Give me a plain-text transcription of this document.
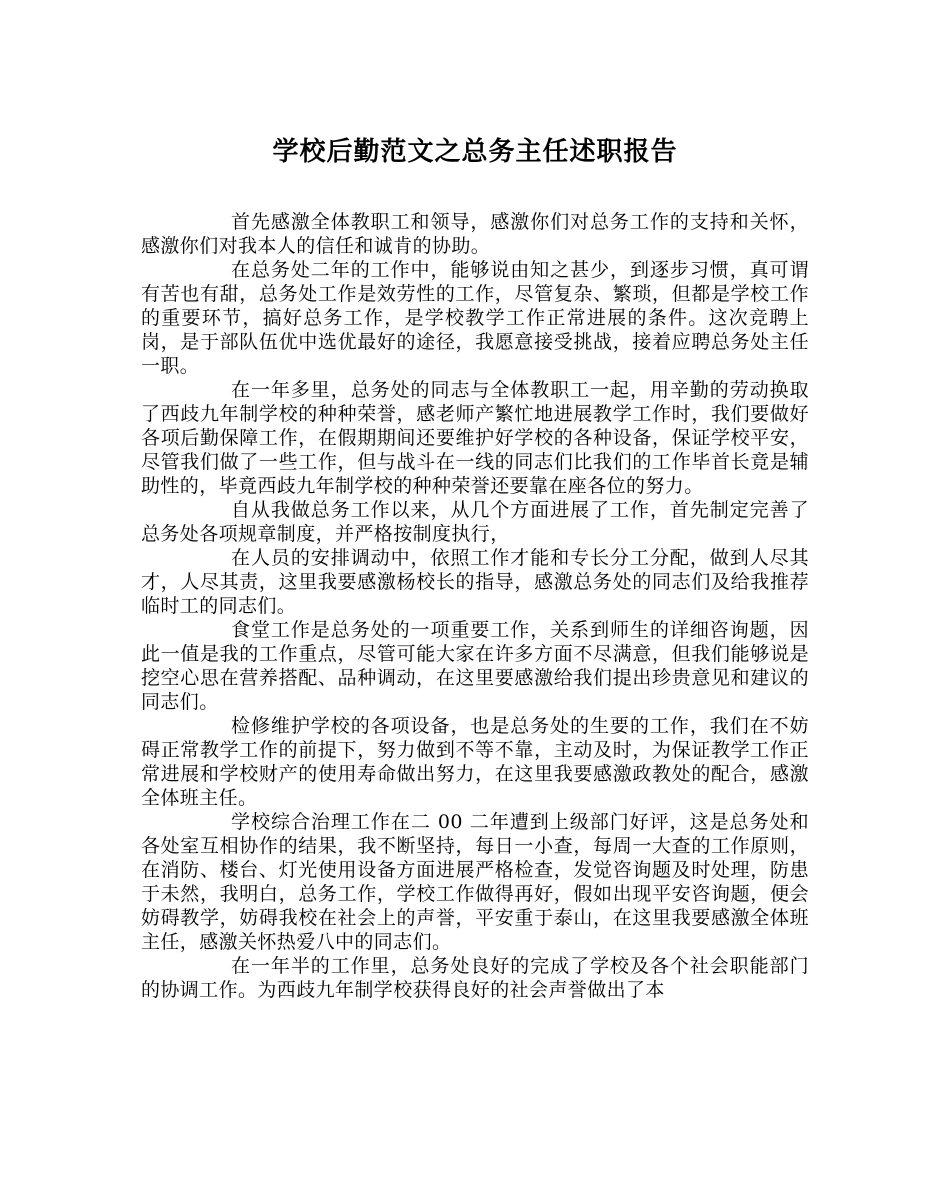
学校后勤范文之总务主任述职报告

首先感激全体教职工和领导，感激你们对总务工作的支持和关怀，感激你们对我本人的信任和诚肯的协助。

在总务处二年的工作中，能够说由知之甚少，到逐步习惯，真可谓有苦也有甜，总务处工作是效劳性的工作，尽管复杂、繁琐，但都是学校工作的重要环节，搞好总务工作，是学校教学工作正常进展的条件。这次竞聘上岗，是于部队伍优中选优最好的途径，我愿意接受挑战，接着应聘总务处主任一职。

在一年多里，总务处的同志与全体教职工一起，用辛勤的劳动换取了西歧九年制学校的种种荣誉，感老师产繁忙地进展教学工作时，我们要做好各项后勤保障工作，在假期期间还要维护好学校的各种设备，保证学校平安，尽管我们做了一些工作，但与战斗在一线的同志们比我们的工作毕首长竟是辅助性的，毕竟西歧九年制学校的种种荣誉还要靠在座各位的努力。

自从我做总务工作以来，从几个方面进展了工作，首先制定完善了总务处各项规章制度，并严格按制度执行，

在人员的安排调动中，依照工作才能和专长分工分配，做到人尽其才，人尽其责，这里我要感激杨校长的指导，感激总务处的同志们及给我推荐临时工的同志们。

食堂工作是总务处的一项重要工作，关系到师生的详细咨询题，因此一值是我的工作重点，尽管可能大家在许多方面不尽满意，但我们能够说是挖空心思在营养搭配、品种调动，在这里要感激给我们提出珍贵意见和建议的同志们。

检修维护学校的各项设备，也是总务处的生要的工作，我们在不妨碍正常教学工作的前提下，努力做到不等不靠，主动及时，为保证教学工作正常进展和学校财产的使用寿命做出努力，在这里我要感激政教处的配合，感激全体班主任。

学校综合治理工作在二 00 二年遭到上级部门好评，这是总务处和各处室互相协作的结果，我不断坚持，每日一小查，每周一大查的工作原则，在消防、楼台、灯光使用设备方面进展严格检查，发觉咨询题及时处理，防患于未然，我明白，总务工作，学校工作做得再好，假如出现平安咨询题，便会妨碍教学，妨碍我校在社会上的声誉，平安重于泰山，在这里我要感激全体班主任，感激关怀热爱八中的同志们。

在一年半的工作里，总务处良好的完成了学校及各个社会职能部门的协调工作。为西歧九年制学校获得良好的社会声誉做出了本
